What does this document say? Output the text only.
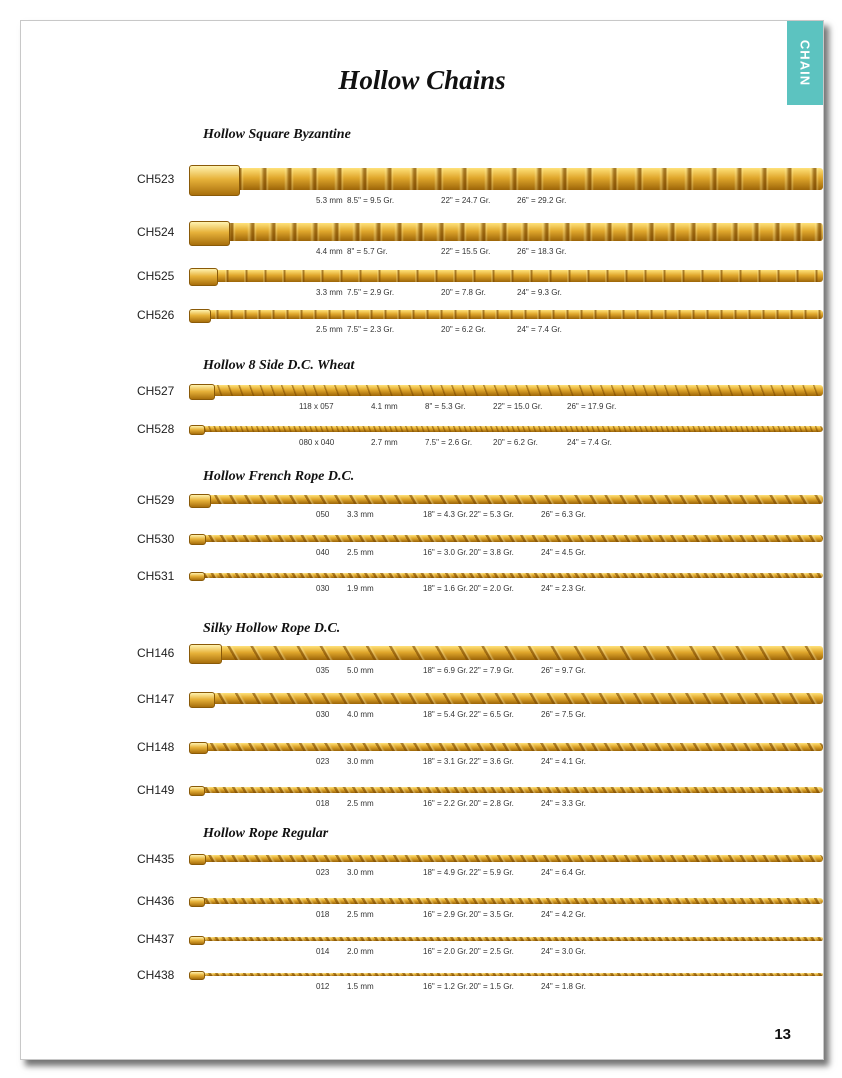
CHAIN
Hollow Chains
Hollow Square Byzantine
Hollow 8 Side D.C. Wheat
Hollow French Rope D.C.
Silky Hollow Rope D.C.
Hollow Rope Regular
CH523
5.3 mm 8.5" = 9.5 Gr.	22" = 24.7 Gr.	26" = 29.2 Gr.
CH524
4.4 mm 8" = 5.7 Gr.	22" = 15.5 Gr.	26" = 18.3 Gr.
CH525
3.3 mm 7.5" = 2.9 Gr.	20" = 7.8 Gr.	24" = 9.3 Gr.
CH526
2.5 mm 7.5" = 2.3 Gr.	20" = 6.2 Gr.	24" = 7.4 Gr.
CH527
118 x 057	4.1 mm	8" = 5.3 Gr.	22" = 15.0 Gr.	26" = 17.9 Gr.
CH528
080 x 040	2.7 mm	7.5" = 2.6 Gr.	20" = 6.2 Gr.	24" = 7.4 Gr.
CH529
050 3.3 mm	18" = 4.3 Gr. 22" = 5.3 Gr.	26" = 6.3 Gr.
CH530
040 2.5 mm	16" = 3.0 Gr. 20" = 3.8 Gr.	24" = 4.5 Gr.
CH531
030 1.9 mm	18" = 1.6 Gr. 20" = 2.0 Gr.	24" = 2.3 Gr.
CH146
035 5.0 mm	18" = 6.9 Gr. 22" = 7.9 Gr.	26" = 9.7 Gr.
CH147
030 4.0 mm	18" = 5.4 Gr. 22" = 6.5 Gr.	26" = 7.5 Gr.
CH148
023 3.0 mm	18" = 3.1 Gr. 22" = 3.6 Gr.	24" = 4.1 Gr.
CH149
018 2.5 mm	16" = 2.2 Gr. 20" = 2.8 Gr.	24" = 3.3 Gr.
CH435
023 3.0 mm	18" = 4.9 Gr. 22" = 5.9 Gr.	24" = 6.4 Gr.
CH436
018 2.5 mm	16" = 2.9 Gr. 20" = 3.5 Gr.	24" = 4.2 Gr.
CH437
014 2.0 mm	16" = 2.0 Gr. 20" = 2.5 Gr.	24" = 3.0 Gr.
CH438
012 1.5 mm	16" = 1.2 Gr. 20" = 1.5 Gr.	24" = 1.8 Gr.
13
